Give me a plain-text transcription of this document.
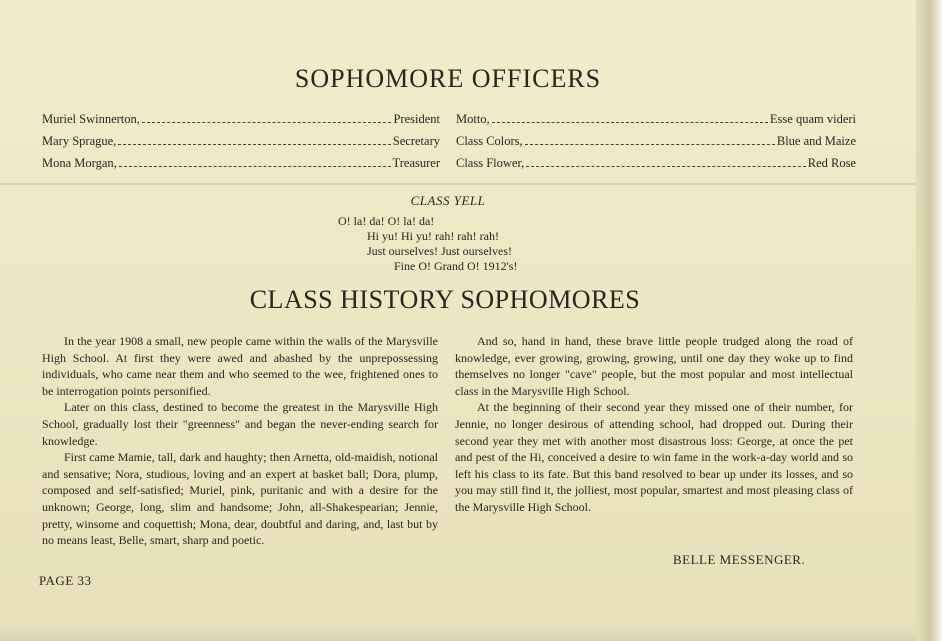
SOPHOMORE OFFICERS
Muriel Swinnerton,	President
Mary Sprague,	Secretary
Mona Morgan,	Treasurer
Motto,	Esse quam videri
Class Colors,	Blue and Maize
Class Flower,	Red Rose
CLASS YELL
O! la! da! O! la! da!
Hi yu! Hi yu! rah! rah! rah!
Just ourselves! Just ourselves!
Fine O! Grand O! 1912's!
CLASS HISTORY SOPHOMORES

In the year 1908 a small, new people came within the walls of the Marysville High School. At first they were awed and abashed by the unprepossessing individuals, who came near them and who seemed to the wee, frightened ones to be interrogation points personified.

Later on this class, destined to become the greatest in the Marysville High School, gradually lost their "greenness" and began the never-ending search for knowledge.

First came Mamie, tall, dark and haughty; then Arnetta, old-maidish, notional and sensative; Nora, studious, loving and an expert at basket ball; Dora, plump, composed and self-satisfied; Muriel, pink, puritanic and with a desire for the unknown; George, long, slim and handsome; John, all-Shakespearian; Jennie, pretty, winsome and coquettish; Mona, dear, doubtful and daring, and, last but by no means least, Belle, smart, sharp and poetic.

And so, hand in hand, these brave little people trudged along the road of knowledge, ever growing, growing, growing, until one day they woke up to find themselves no longer "cave" people, but the most popular and most intellectual class in the Marysville High School.

At the beginning of their second year they missed one of their number, for Jennie, no longer desirous of attending school, had dropped out. During their second year they met with another most disastrous loss: George, at once the pet and pest of the Hi, conceived a desire to win fame in the work-a-day world and so left his class to its fate. But this band resolved to bear up under its losses, and so you may still find it, the jolliest, most popular, smartest and most pleasing class of the Marysville High School.

BELLE MESSENGER.
PAGE 33
